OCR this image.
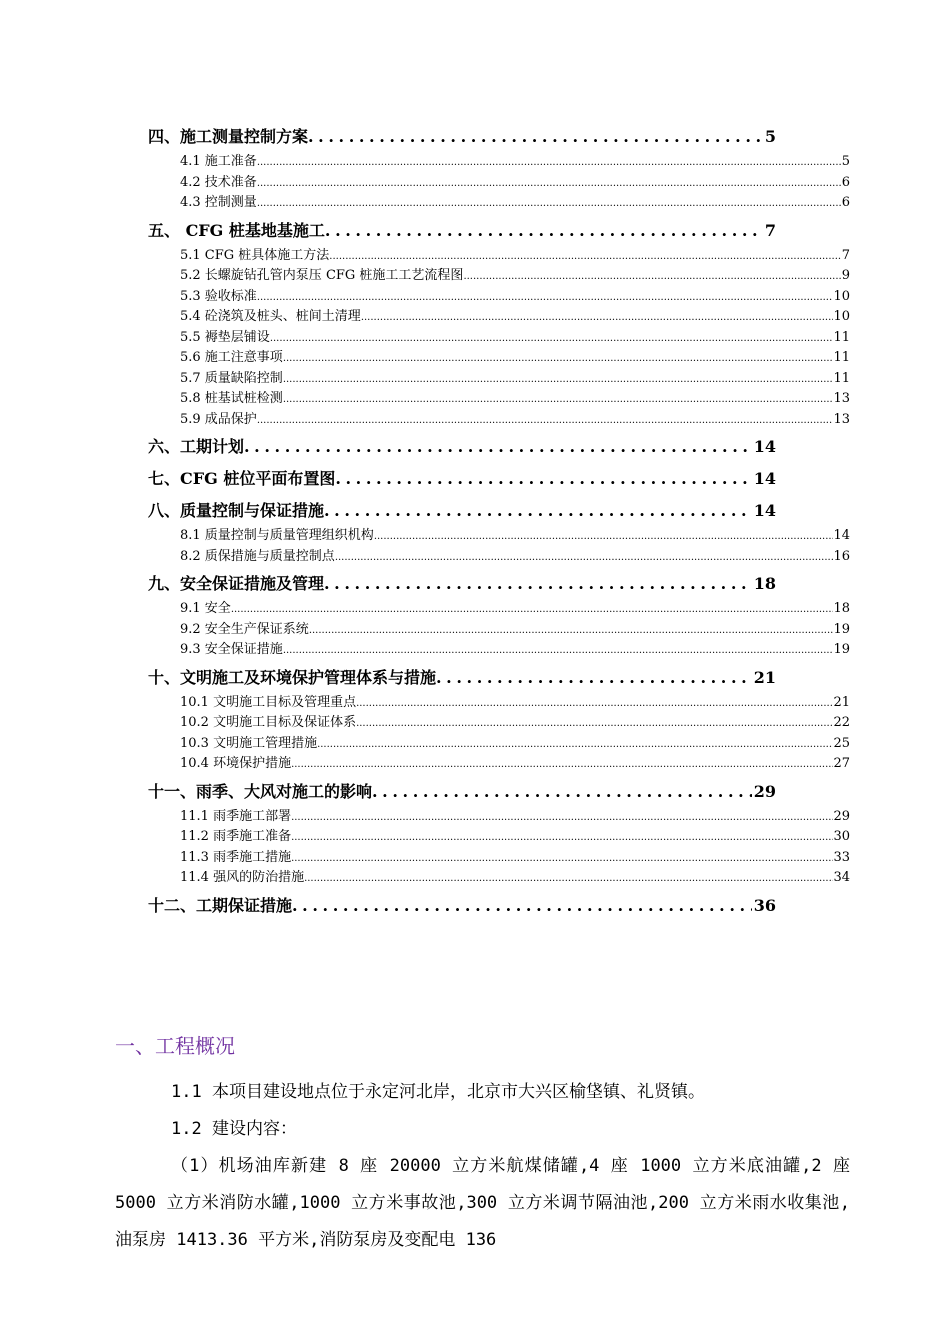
四、施工测量控制方案 .....	5
4.1 施工准备 .....	5
4.2 技术准备 .....	6
4.3 控制测量 .....	6
五、 CFG 桩基地基施工 .....	7
5.1 CFG 桩具体施工方法 .....	7
5.2 长螺旋钻孔管内泵压 CFG 桩施工工艺流程图 .....	9
5.3 验收标准 .....	10
5.4 砼浇筑及桩头、桩间土清理 .....	10
5.5 褥垫层铺设 .....	11
5.6 施工注意事项 .....	11
5.7 质量缺陷控制 .....	11
5.8 桩基试桩检测 .....	13
5.9 成品保护 .....	13
六、工期计划 .....	14
七、CFG 桩位平面布置图 .....	14
八、质量控制与保证措施 .....	14
8.1 质量控制与质量管理组织机构 .....	14
8.2 质保措施与质量控制点 .....	16
九、安全保证措施及管理 .....	18
9.1 安全 .....	18
9.2 安全生产保证系统 .....	19
9.3 安全保证措施 .....	19
十、文明施工及环境保护管理体系与措施 .....	21
10.1 文明施工目标及管理重点 .....	21
10.2 文明施工目标及保证体系 .....	22
10.3 文明施工管理措施 .....	25
10.4 环境保护措施 .....	27
十一、雨季、大风对施工的影响 .....	29
11.1 雨季施工部署 .....	29
11.2 雨季施工准备 .....	30
11.3 雨季施工措施 .....	33
11.4 强风的防治措施 .....	34
十二、工期保证措施 .....	36
一、工程概况
1.1 本项目建设地点位于永定河北岸，北京市大兴区榆垡镇、礼贤镇。
1.2 建设内容：
（1）机场油库新建 8 座 20000 立方米航煤储罐,4 座 1000 立方米底油罐,2 座 5000 立方米消防水罐,1000 立方米事故池,300 立方米调节隔油池,200 立方米雨水收集池,油泵房 1413.36 平方米,消防泵房及变配电 136
